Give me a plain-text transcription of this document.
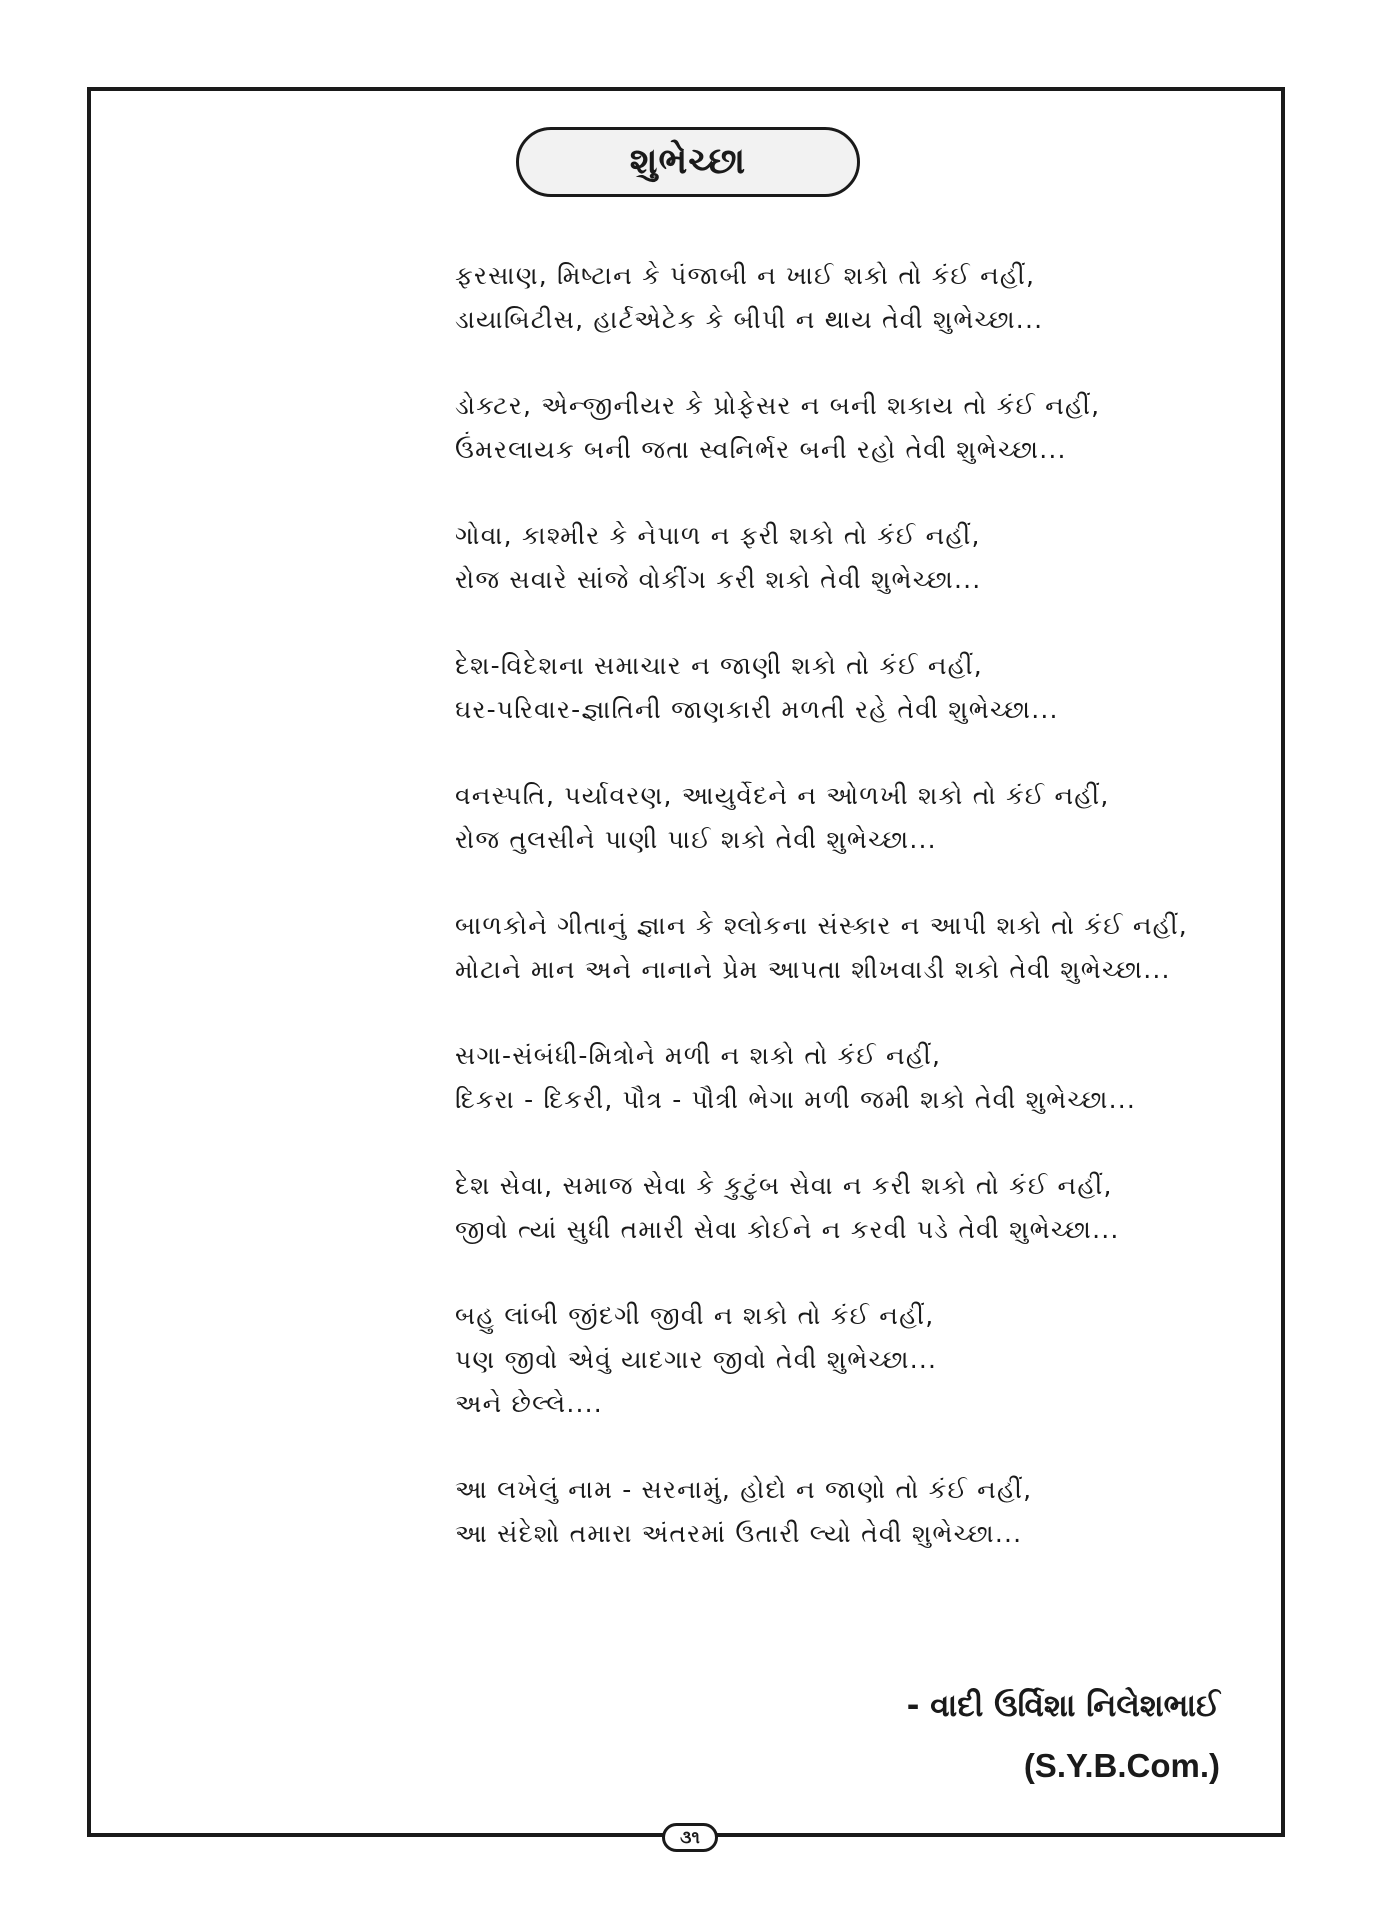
શુભેચ્છા
ફરસાણ, મિષ્ટાન કે પંજાબી ન ખાઈ શકો તો કંઈ નહીં,
ડાયાબિટીસ, હાર્ટએટેક કે બીપી ન થાય તેવી શુભેચ્છા...
ડોક્ટર, એન્જીનીયર કે પ્રોફેસર ન બની શકાય તો કંઈ નહીં,
ઉંમરલાયક બની જતા સ્વનિર્ભર બની રહો તેવી શુભેચ્છા...
ગોવા, કાશ્મીર કે નેપાળ ન ફરી શકો તો કંઈ નહીં,
રોજ સવારે સાંજે વોકીંગ કરી શકો તેવી શુભેચ્છા...
દેશ-વિદેશના સમાચાર ન જાણી શકો તો કંઈ નહીં,
ઘર-પરિવાર-જ્ઞાતિની જાણકારી મળતી રહે તેવી શુભેચ્છા...
વનસ્પતિ, પર્યાવરણ, આયુર્વેદને ન ઓળખી શકો તો કંઈ નહીં,
રોજ તુલસીને પાણી પાઈ શકો તેવી શુભેચ્છા...
બાળકોને ગીતાનું જ્ઞાન કે શ્લોકના સંસ્કાર ન આપી શકો તો કંઈ નહીં,
મોટાને માન અને નાનાને પ્રેમ આપતા શીખવાડી શકો તેવી શુભેચ્છા...
સગા-સંબંધી-મિત્રોને મળી ન શકો તો કંઈ નહીં,
દિકરા - દિકરી, પૌત્ર - પૌત્રી ભેગા મળી જમી શકો તેવી શુભેચ્છા...
દેશ સેવા, સમાજ સેવા કે કુટુંબ સેવા ન કરી શકો તો કંઈ નહીં,
જીવો ત્યાં સુધી તમારી સેવા કોઈને ન કરવી પડે તેવી શુભેચ્છા...
બહુ લાંબી જીંદગી જીવી ન શકો તો કંઈ નહીં,
પણ જીવો એવું યાદગાર જીવો તેવી શુભેચ્છા...
અને છેલ્લે....
આ લખેલું નામ - સરનામું, હોદો ન જાણો તો કંઈ નહીં,
આ સંદેશો તમારા અંતરમાં ઉતારી લ્યો તેવી શુભેચ્છા...
- વાદી ઉર્વિશા નિલેશભાઈ
(S.Y.B.Com.)
૩૧
